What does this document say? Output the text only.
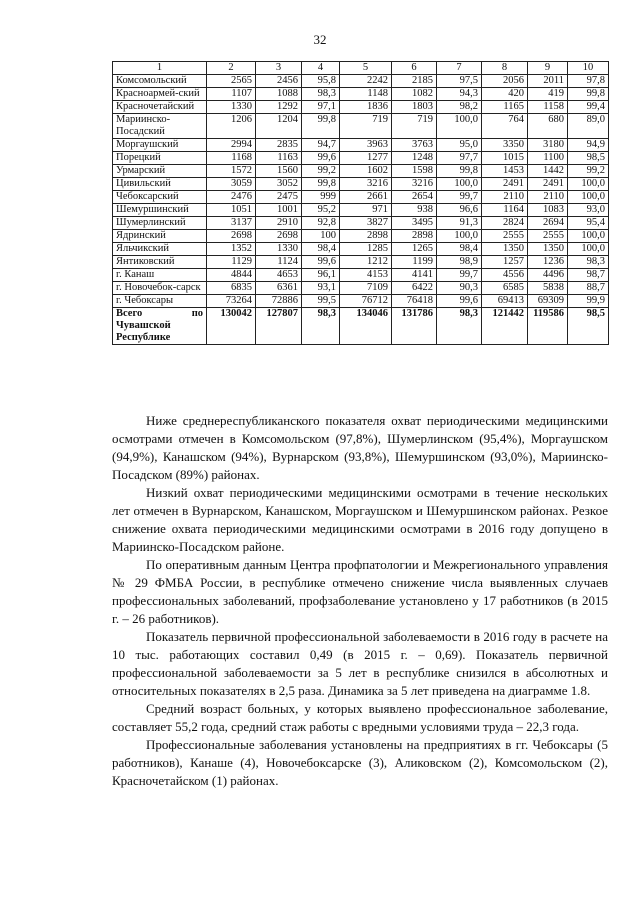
32
1	2	3	4	5	6	7	8	9	10
Комсомольский	2565	2456	95,8	2242	2185	97,5	2056	2011	97,8
Красноармей-ский	1107	1088	98,3	1148	1082	94,3	420	419	99,8
Красночетайский	1330	1292	97,1	1836	1803	98,2	1165	1158	99,4
Мариинско-Посадский	1206	1204	99,8	719	719	100,0	764	680	89,0
Моргаушский	2994	2835	94,7	3963	3763	95,0	3350	3180	94,9
Порецкий	1168	1163	99,6	1277	1248	97,7	1015	1100	98,5
Урмарский	1572	1560	99,2	1602	1598	99,8	1453	1442	99,2
Цивильский	3059	3052	99,8	3216	3216	100,0	2491	2491	100,0
Чебоксарский	2476	2475	999	2661	2654	99,7	2110	2110	100,0
Шемуршинский	1051	1001	95,2	971	938	96,6	1164	1083	93,0
Шумерлинский	3137	2910	92,8	3827	3495	91,3	2824	2694	95,4
Ядринский	2698	2698	100	2898	2898	100,0	2555	2555	100,0
Яльчикский	1352	1330	98,4	1285	1265	98,4	1350	1350	100,0
Янтиковский	1129	1124	99,6	1212	1199	98,9	1257	1236	98,3
г. Канаш	4844	4653	96,1	4153	4141	99,7	4556	4496	98,7
г. Новочебок-сарск	6835	6361	93,1	7109	6422	90,3	6585	5838	88,7
г. Чебоксары	73264	72886	99,5	76712	76418	99,6	69413	69309	99,9
Всего по Чувашской Республике	130042	127807	98,3	134046	131786	98,3	121442	119586	98,5

Ниже среднереспубликанского показателя охват периодическими медицинскими осмотрами отмечен в Комсомольском (97,8%), Шумерлинском (95,4%), Моргаушском (94,9%), Канашском (94%), Вурнарском (93,8%), Шемуршинском (93,0%), Мариинско-Посадском (89%) районах.

Низкий охват периодическими медицинскими осмотрами в течение нескольких лет отмечен в Вурнарском, Канашском, Моргаушском и Шемуршинском районах. Резкое снижение охвата периодическими медицинскими осмотрами в 2016 году допущено в Мариинско-Посадском районе.

По оперативным данным Центра профпатологии и Межрегионального управления № 29 ФМБА России, в республике отмечено снижение числа выявленных случаев профессиональных заболеваний, профзаболевание установлено у 17 работников (в 2015 г. – 26 работников).

Показатель первичной профессиональной заболеваемости в 2016 году в расчете на 10 тыс. работающих составил 0,49 (в 2015 г. – 0,69). Показатель первичной профессиональной заболеваемости за 5 лет в республике снизился в абсолютных и относительных показателях в 2,5 раза. Динамика за 5 лет приведена на диаграмме 1.8.

Средний возраст больных, у которых выявлено профессиональное заболевание, составляет 55,2 года, средний стаж работы с вредными условиями труда – 22,3 года.

Профессиональные заболевания установлены на предприятиях в гг. Чебоксары (5 работников), Канаше (4), Новочебоксарске (3), Аликовском (2), Комсомольском (2), Красночетайском (1) районах.
